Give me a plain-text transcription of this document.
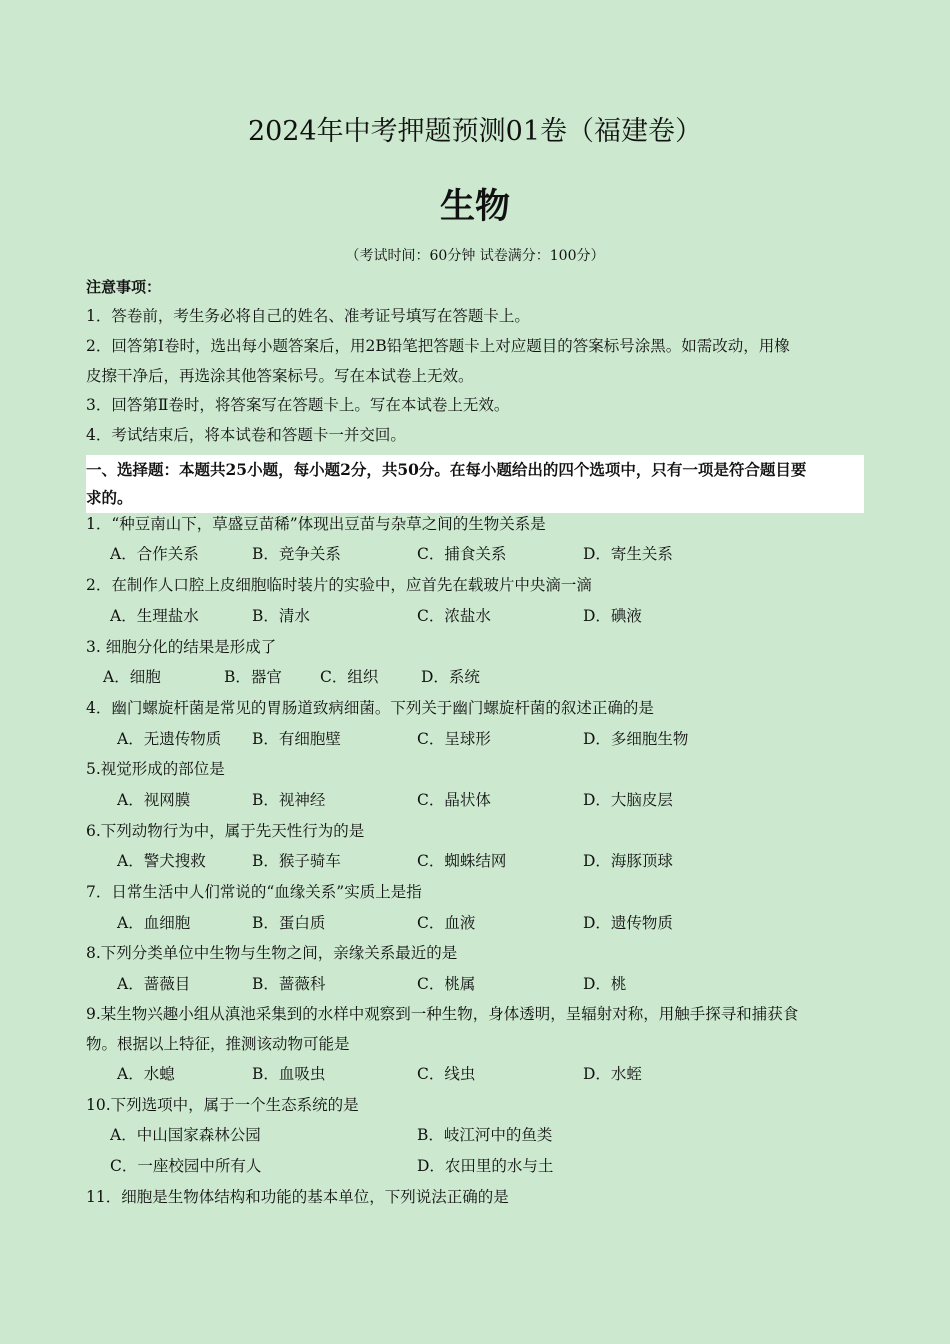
2024年中考押题预测01卷（福建卷）
生物
（考试时间：60分钟 试卷满分：100分）
注意事项：
1．答卷前，考生务必将自己的姓名、准考证号填写在答题卡上。
2．回答第Ⅰ卷时，选出每小题答案后，用2B铅笔把答题卡上对应题目的答案标号涂黑。如需改动，用橡
皮擦干净后，再选涂其他答案标号。写在本试卷上无效。
3．回答第Ⅱ卷时，将答案写在答题卡上。写在本试卷上无效。
4．考试结束后，将本试卷和答题卡一并交回。
一、选择题：本题共25小题，每小题2分，共50分。在每小题给出的四个选项中，只有一项是符合题目要
求的。
1．“种豆南山下，草盛豆苗稀”体现出豆苗与杂草之间的生物关系是
A．合作关系	B．竞争关系	C．捕食关系	D．寄生关系
2．在制作人口腔上皮细胞临时装片的实验中，应首先在载玻片中央滴一滴
A．生理盐水	B．清水	C．浓盐水	D．碘液
3. 细胞分化的结果是形成了
A．细胞	B．器官 C．组织	D．系统
4．幽门螺旋杆菌是常见的胃肠道致病细菌。下列关于幽门螺旋杆菌的叙述正确的是
A．无遗传物质 B．有细胞壁	C．呈球形	D．多细胞生物
5.视觉形成的部位是
A．视网膜	B．视神经	C．晶状体	D．大脑皮层
6.下列动物行为中，属于先天性行为的是
A．警犬搜救	B．猴子骑车	C．蜘蛛结网	D．海豚顶球
7．日常生活中人们常说的“血缘关系”实质上是指
A．血细胞	B．蛋白质	C．血液	D．遗传物质
8.下列分类单位中生物与生物之间，亲缘关系最近的是
A．蔷薇目	B．蔷薇科	C．桃属	D．桃
9.某生物兴趣小组从滇池采集到的水样中观察到一种生物，身体透明，呈辐射对称，用触手探寻和捕获食
物。根据以上特征，推测该动物可能是
A．水螅	B．血吸虫	C．线虫	D．水蛭
10.下列选项中，属于一个生态系统的是
A．中山国家森林公园	B．岐江河中的鱼类
C．一座校园中所有人	D．农田里的水与土
11．细胞是生物体结构和功能的基本单位，下列说法正确的是
